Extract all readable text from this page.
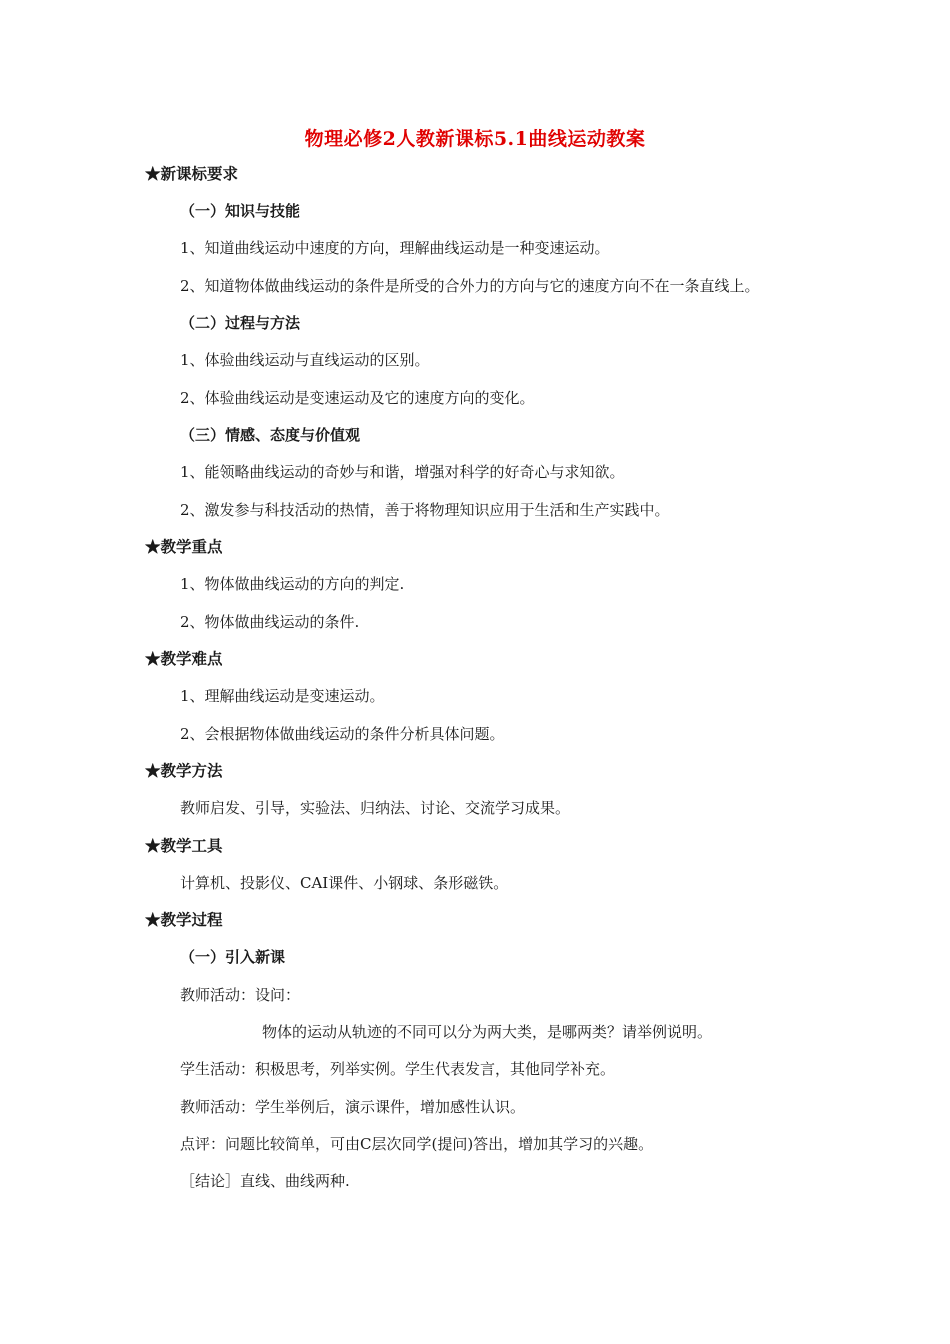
物理必修2人教新课标5.1曲线运动教案
★新课标要求
（一）知识与技能
1、知道曲线运动中速度的方向，理解曲线运动是一种变速运动。
2、知道物体做曲线运动的条件是所受的合外力的方向与它的速度方向不在一条直线上。
（二）过程与方法
1、体验曲线运动与直线运动的区别。
2、体验曲线运动是变速运动及它的速度方向的变化。
（三）情感、态度与价值观
1、能领略曲线运动的奇妙与和谐，增强对科学的好奇心与求知欲。
2、激发参与科技活动的热情，善于将物理知识应用于生活和生产实践中。
★教学重点
1、物体做曲线运动的方向的判定.
2、物体做曲线运动的条件.
★教学难点
1、理解曲线运动是变速运动。
2、会根据物体做曲线运动的条件分析具体问题。
★教学方法
教师启发、引导，实验法、归纳法、讨论、交流学习成果。
★教学工具
计算机、投影仪、CAI课件、小钢球、条形磁铁。
★教学过程
（一）引入新课
教师活动：设问：
物体的运动从轨迹的不同可以分为两大类，是哪两类？请举例说明。
学生活动：积极思考，列举实例。学生代表发言，其他同学补充。
教师活动：学生举例后，演示课件，增加感性认识。
点评：问题比较简单，可由C层次同学(提问)答出，增加其学习的兴趣。
［结论］直线、曲线两种.
